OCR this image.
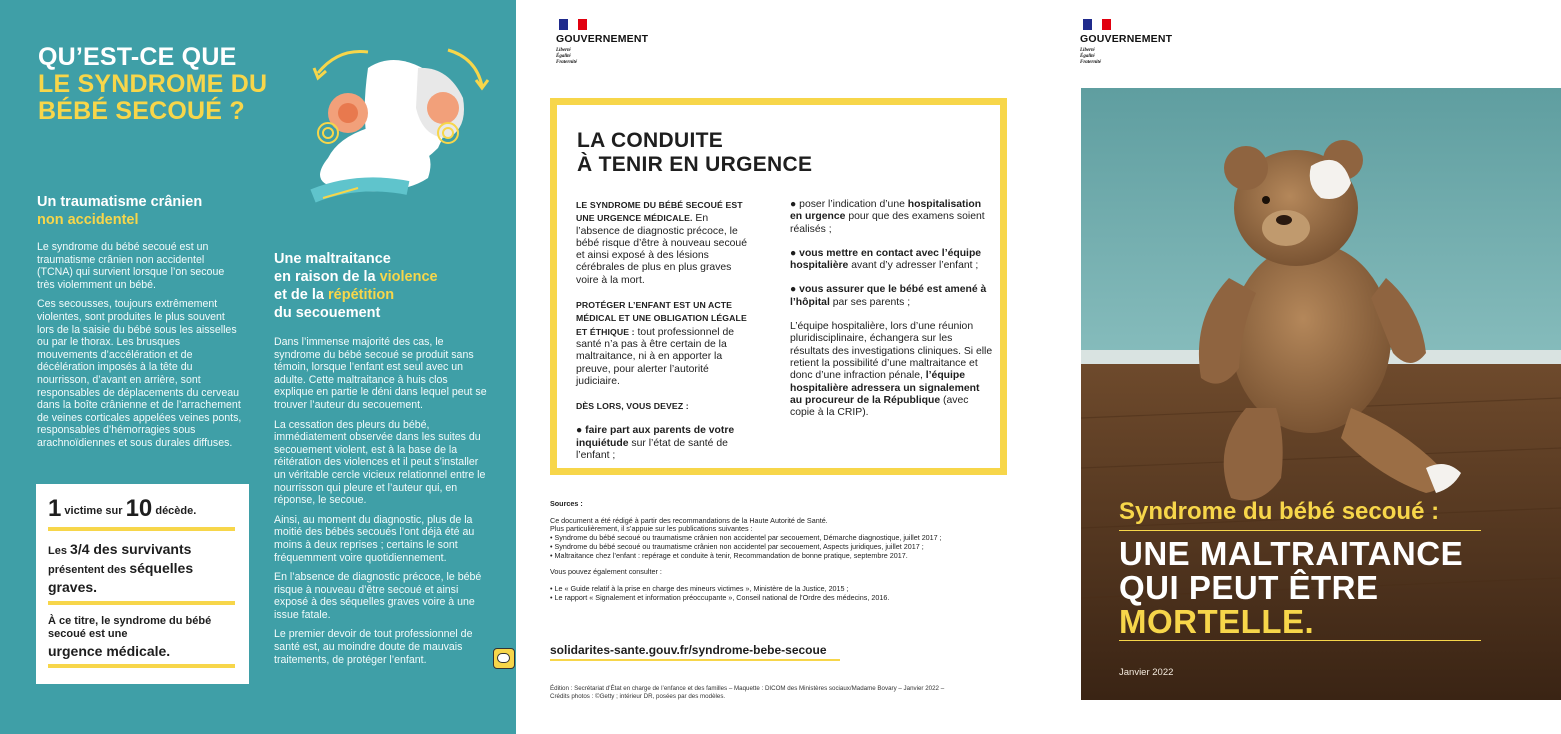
QU’EST-CE QUE
LE SYNDROME DU
BÉBÉ SECOUÉ ?
Un traumatisme crânien
non accidentel

Le syndrome du bébé secoué est un traumatisme crânien non accidentel (TCNA) qui survient lorsque l’on secoue très violemment un bébé.

Ces secousses, toujours extrêmement violentes, sont produites le plus souvent lors de la saisie du bébé sous les aisselles ou par le thorax. Les brusques mouvements d’accélération et de décélération imposés à la tête du nourrisson, d’avant en arrière, sont responsables de déplacements du cerveau dans la boîte crânienne et de l’arrachement de veines corticales appelées veines ponts, responsables d’hémorragies sous arachnoïdiennes et sous durales diffuses.

Une maltraitance
en raison de la violence
et de la répétition
du secouement

Dans l’immense majorité des cas, le syndrome du bébé secoué se produit sans témoin, lorsque l’enfant est seul avec un adulte. Cette maltraitance à huis clos explique en partie le déni dans lequel peut se trouver l’auteur du secouement.

La cessation des pleurs du bébé, immédiatement observée dans les suites du secouement violent, est à la base de la réitération des violences et il peut s’installer un véritable cercle vicieux relationnel entre le nourrisson qui pleure et l’auteur qui, en réponse, le secoue.

Ainsi, au moment du diagnostic, plus de la moitié des bébés secoués l’ont déjà été au moins à deux reprises ; certains le sont fréquemment voire quotidiennement.

En l’absence de diagnostic précoce, le bébé risque à nouveau d’être secoué et ainsi exposé à des séquelles graves voire à une issue fatale.

Le premier devoir de tout professionnel de santé est, au moindre doute de mauvais traitements, de protéger l’enfant.

1 victime sur 10 décède.
Les 3/4 des survivants
présentent des séquelles graves.
À ce titre, le syndrome du bébé secoué est une
urgence médicale.
GOUVERNEMENT
Liberté
Égalité
Fraternité
LA CONDUITE
À TENIR EN URGENCE

LE SYNDROME DU BÉBÉ SECOUÉ EST UNE URGENCE MÉDICALE. En l’absence de diagnostic précoce, le bébé risque d’être à nouveau secoué et ainsi exposé à des lésions cérébrales de plus en plus graves voire à la mort.

PROTÉGER L’ENFANT EST UN ACTE MÉDICAL ET UNE OBLIGATION LÉGALE ET ÉTHIQUE : tout professionnel de santé n’a pas à être certain de la maltraitance, ni à en apporter la preuve, pour alerter l’autorité judiciaire.

DÈS LORS, VOUS DEVEZ :

● faire part aux parents de votre inquiétude sur l’état de santé de l’enfant ;

● poser l’indication d’une hospitalisation en urgence pour que des examens soient réalisés ;

● vous mettre en contact avec l’équipe hospitalière avant d’y adresser l’enfant ;

● vous assurer que le bébé est amené à l’hôpital par ses parents ;

L’équipe hospitalière, lors d’une réunion pluridisciplinaire, échangera sur les résultats des investigations cliniques. Si elle retient la possibilité d’une maltraitance et donc d’une infraction pénale, l’équipe hospitalière adressera un signalement au procureur de la République (avec copie à la CRIP).

Sources :

Ce document a été rédigé à partir des recommandations de la Haute Autorité de Santé.

Plus particulièrement, il s’appuie sur les publications suivantes :

• Syndrome du bébé secoué ou traumatisme crânien non accidentel par secouement, Démarche diagnostique, juillet 2017 ;

• Syndrome du bébé secoué ou traumatisme crânien non accidentel par secouement, Aspects juridiques, juillet 2017 ;

• Maltraitance chez l’enfant : repérage et conduite à tenir, Recommandation de bonne pratique, septembre 2017.

Vous pouvez également consulter :

• Le « Guide relatif à la prise en charge des mineurs victimes », Ministère de la Justice, 2015 ;

• Le rapport « Signalement et information préoccupante », Conseil national de l’Ordre des médecins, 2016.

solidarites-sante.gouv.fr/syndrome-bebe-secoue
Édition : Secrétariat d’État en charge de l’enfance et des familles – Maquette : DICOM des Ministères sociaux/Madame Bovary – Janvier 2022 –
Crédits photos : ©Getty ; intérieur DR, posées par des modèles.
GOUVERNEMENT
Liberté
Égalité
Fraternité
Syndrome du bébé secoué :
UNE MALTRAITANCE
QUI PEUT ÊTRE
MORTELLE.
Janvier 2022
